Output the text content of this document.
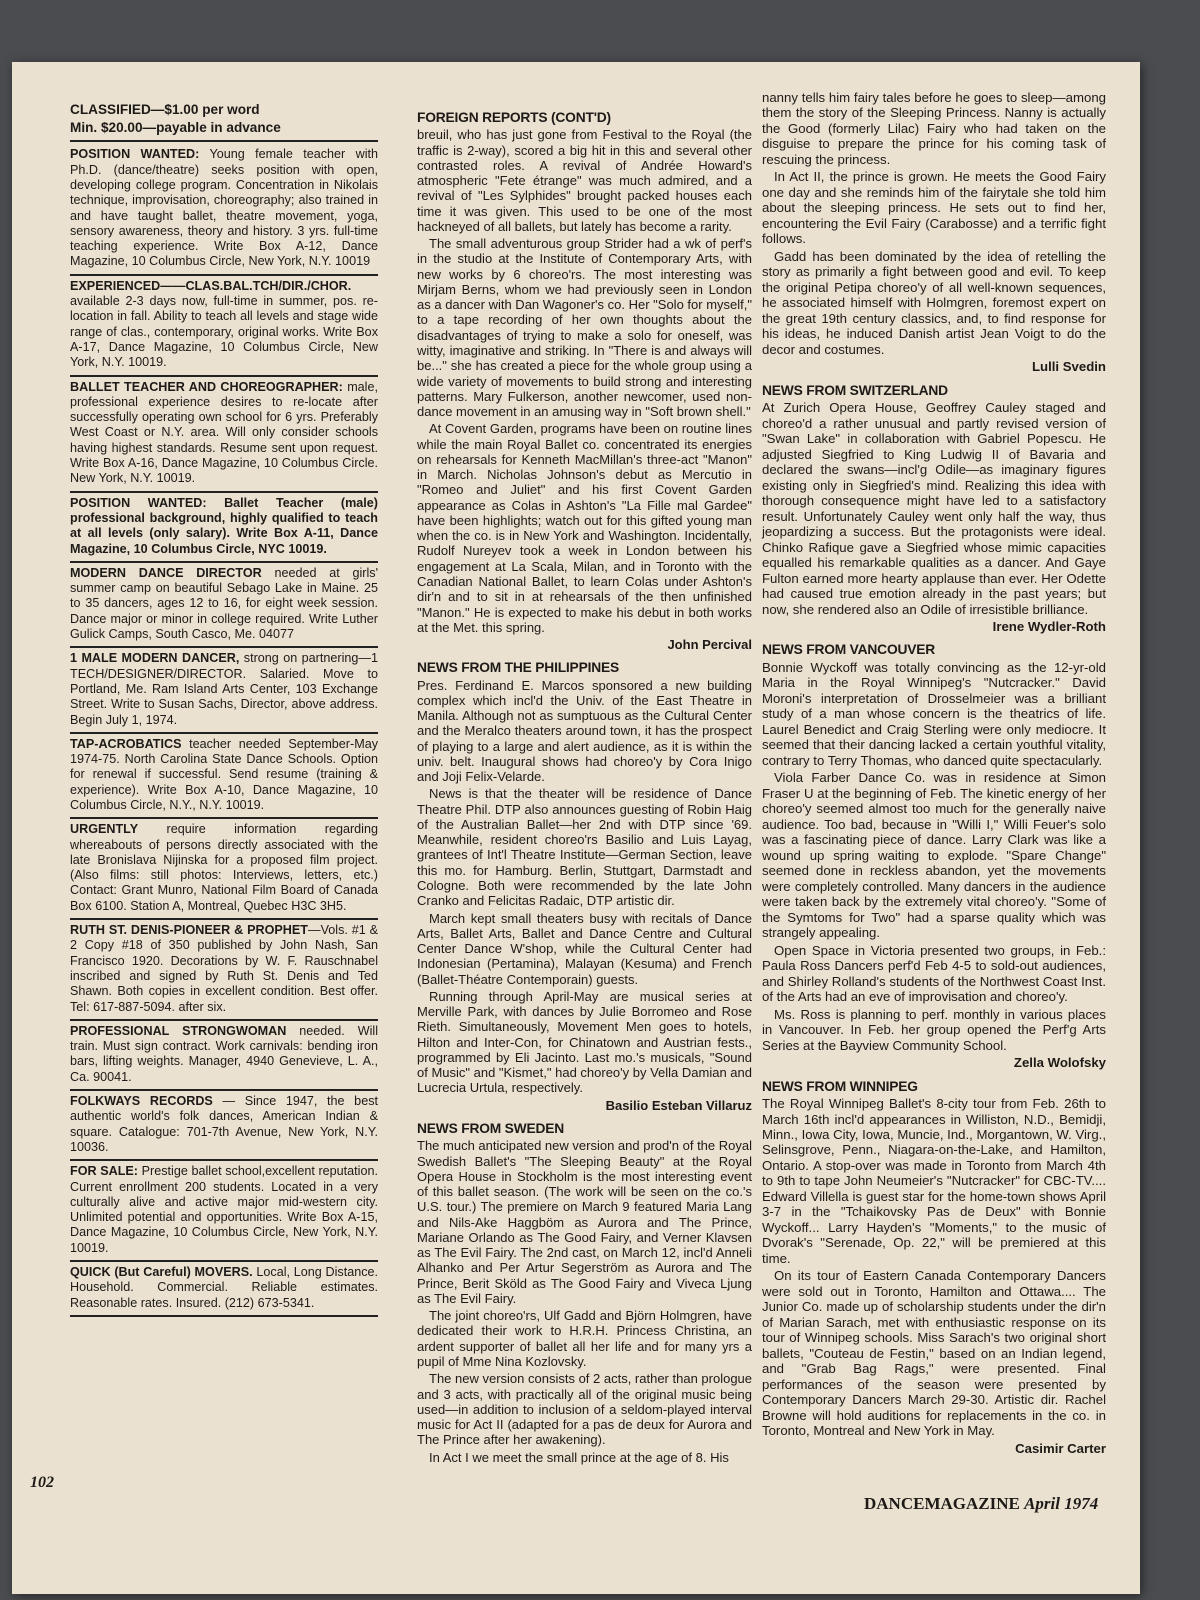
CLASSIFIED—$1.00 per word
Min. $20.00—payable in advance
POSITION WANTED: Young female teacher with Ph.D. (dance/theatre) seeks position with open, developing college program. Concentration in Nikolais technique, improvisation, choreography; also trained in and have taught ballet, theatre movement, yoga, sensory awareness, theory and history. 3 yrs. full-time teaching experience. Write Box A-12, Dance Magazine, 10 Columbus Circle, New York, N.Y. 10019
EXPERIENCED——CLAS.BAL.TCH/DIR./CHOR. available 2-3 days now, full-time in summer, pos. re-location in fall. Ability to teach all levels and stage wide range of clas., contemporary, original works. Write Box A-17, Dance Magazine, 10 Columbus Circle, New York, N.Y. 10019.
BALLET TEACHER AND CHOREOGRAPHER: male, professional experience desires to re-locate after successfully operating own school for 6 yrs. Preferably West Coast or N.Y. area. Will only consider schools having highest standards. Resume sent upon request. Write Box A-16, Dance Magazine, 10 Columbus Circle. New York, N.Y. 10019.
POSITION WANTED: Ballet Teacher (male) professional background, highly qualified to teach at all levels (only salary). Write Box A-11, Dance Magazine, 10 Columbus Circle, NYC 10019.
MODERN DANCE DIRECTOR needed at girls' summer camp on beautiful Sebago Lake in Maine. 25 to 35 dancers, ages 12 to 16, for eight week session. Dance major or minor in college required. Write Luther Gulick Camps, South Casco, Me. 04077
1 MALE MODERN DANCER, strong on partnering—1 TECH/DESIGNER/DIRECTOR. Salaried. Move to Portland, Me. Ram Island Arts Center, 103 Exchange Street. Write to Susan Sachs, Director, above address. Begin July 1, 1974.
TAP-ACROBATICS teacher needed September-May 1974-75. North Carolina State Dance Schools. Option for renewal if successful. Send resume (training & experience). Write Box A-10, Dance Magazine, 10 Columbus Circle, N.Y., N.Y. 10019.
URGENTLY require information regarding whereabouts of persons directly associated with the late Bronislava Nijinska for a proposed film project. (Also films: still photos: Interviews, letters, etc.) Contact: Grant Munro, National Film Board of Canada Box 6100. Station A, Montreal, Quebec H3C 3H5.
RUTH ST. DENIS-PIONEER & PROPHET—Vols. #1 & 2 Copy #18 of 350 published by John Nash, San Francisco 1920. Decorations by W. F. Rauschnabel inscribed and signed by Ruth St. Denis and Ted Shawn. Both copies in excellent condition. Best offer. Tel: 617-887-5094. after six.
PROFESSIONAL STRONGWOMAN needed. Will train. Must sign contract. Work carnivals: bending iron bars, lifting weights. Manager, 4940 Genevieve, L. A., Ca. 90041.
FOLKWAYS RECORDS — Since 1947, the best authentic world's folk dances, American Indian & square. Catalogue: 701-7th Avenue, New York, N.Y. 10036.
FOR SALE: Prestige ballet school,excellent reputation. Current enrollment 200 students. Located in a very culturally alive and active major mid-western city. Unlimited potential and opportunities. Write Box A-15, Dance Magazine, 10 Columbus Circle, New York, N.Y. 10019.
QUICK (But Careful) MOVERS. Local, Long Distance. Household. Commercial. Reliable estimates. Reasonable rates. Insured. (212) 673-5341.
FOREIGN REPORTS (CONT'D)

breuil, who has just gone from Festival to the Royal (the traffic is 2-way), scored a big hit in this and several other contrasted roles. A revival of Andrée Howard's atmospheric "Fete étrange" was much admired, and a revival of "Les Sylphides" brought packed houses each time it was given. This used to be one of the most hackneyed of all ballets, but lately has become a rarity.

The small adventurous group Strider had a wk of perf's in the studio at the Institute of Contemporary Arts, with new works by 6 choreo'rs. The most interesting was Mirjam Berns, whom we had previously seen in London as a dancer with Dan Wagoner's co. Her "Solo for myself," to a tape recording of her own thoughts about the disadvantages of trying to make a solo for oneself, was witty, imaginative and striking. In "There is and always will be..." she has created a piece for the whole group using a wide variety of movements to build strong and interesting patterns. Mary Fulkerson, another newcomer, used non-dance movement in an amusing way in "Soft brown shell."

At Covent Garden, programs have been on routine lines while the main Royal Ballet co. concentrated its energies on rehearsals for Kenneth MacMillan's three-act "Manon" in March. Nicholas Johnson's debut as Mercutio in "Romeo and Juliet" and his first Covent Garden appearance as Colas in Ashton's "La Fille mal Gardee" have been highlights; watch out for this gifted young man when the co. is in New York and Washington. Incidentally, Rudolf Nureyev took a week in London between his engagement at La Scala, Milan, and in Toronto with the Canadian National Ballet, to learn Colas under Ashton's dir'n and to sit in at rehearsals of the then unfinished "Manon." He is expected to make his debut in both works at the Met. this spring.

John Percival
NEWS FROM THE PHILIPPINES

Pres. Ferdinand E. Marcos sponsored a new building complex which incl'd the Univ. of the East Theatre in Manila. Although not as sumptuous as the Cultural Center and the Meralco theaters around town, it has the prospect of playing to a large and alert audience, as it is within the univ. belt. Inaugural shows had choreo'y by Cora Inigo and Joji Felix-Velarde.

News is that the theater will be residence of Dance Theatre Phil. DTP also announces guesting of Robin Haig of the Australian Ballet—her 2nd with DTP since '69. Meanwhile, resident choreo'rs Basilio and Luis Layag, grantees of Int'l Theatre Institute—German Section, leave this mo. for Hamburg. Berlin, Stuttgart, Darmstadt and Cologne. Both were recommended by the late John Cranko and Felicitas Radaic, DTP artistic dir.

March kept small theaters busy with recitals of Dance Arts, Ballet Arts, Ballet and Dance Centre and Cultural Center Dance W'shop, while the Cultural Center had Indonesian (Pertamina), Malayan (Kesuma) and French (Ballet-Théatre Contemporain) guests.

Running through April-May are musical series at Merville Park, with dances by Julie Borromeo and Rose Rieth. Simultaneously, Movement Men goes to hotels, Hilton and Inter-Con, for Chinatown and Austrian fests., programmed by Eli Jacinto. Last mo.'s musicals, "Sound of Music" and "Kismet," had choreo'y by Vella Damian and Lucrecia Urtula, respectively.

Basilio Esteban Villaruz
NEWS FROM SWEDEN

The much anticipated new version and prod'n of the Royal Swedish Ballet's "The Sleeping Beauty" at the Royal Opera House in Stockholm is the most interesting event of this ballet season. (The work will be seen on the co.'s U.S. tour.) The premiere on March 9 featured Maria Lang and Nils-Ake Haggböm as Aurora and The Prince, Mariane Orlando as The Good Fairy, and Verner Klavsen as The Evil Fairy. The 2nd cast, on March 12, incl'd Anneli Alhanko and Per Artur Segerström as Aurora and The Prince, Berit Sköld as The Good Fairy and Viveca Ljung as The Evil Fairy.

The joint choreo'rs, Ulf Gadd and Björn Holmgren, have dedicated their work to H.R.H. Princess Christina, an ardent supporter of ballet all her life and for many yrs a pupil of Mme Nina Kozlovsky.

The new version consists of 2 acts, rather than prologue and 3 acts, with practically all of the original music being used—in addition to inclusion of a seldom-played interval music for Act II (adapted for a pas de deux for Aurora and The Prince after her awakening).

In Act I we meet the small prince at the age of 8. His

nanny tells him fairy tales before he goes to sleep—among them the story of the Sleeping Princess. Nanny is actually the Good (formerly Lilac) Fairy who had taken on the disguise to prepare the prince for his coming task of rescuing the princess.

In Act II, the prince is grown. He meets the Good Fairy one day and she reminds him of the fairytale she told him about the sleeping princess. He sets out to find her, encountering the Evil Fairy (Carabosse) and a terrific fight follows.

Gadd has been dominated by the idea of retelling the story as primarily a fight between good and evil. To keep the original Petipa choreo'y of all well-known sequences, he associated himself with Holmgren, foremost expert on the great 19th century classics, and, to find response for his ideas, he induced Danish artist Jean Voigt to do the decor and costumes.

Lulli Svedin
NEWS FROM SWITZERLAND

At Zurich Opera House, Geoffrey Cauley staged and choreo'd a rather unusual and partly revised version of "Swan Lake" in collaboration with Gabriel Popescu. He adjusted Siegfried to King Ludwig II of Bavaria and declared the swans—incl'g Odile—as imaginary figures existing only in Siegfried's mind. Realizing this idea with thorough consequence might have led to a satisfactory result. Unfortunately Cauley went only half the way, thus jeopardizing a success. But the protagonists were ideal. Chinko Rafique gave a Siegfried whose mimic capacities equalled his remarkable qualities as a dancer. And Gaye Fulton earned more hearty applause than ever. Her Odette had caused true emotion already in the past years; but now, she rendered also an Odile of irresistible brilliance.

Irene Wydler-Roth
NEWS FROM VANCOUVER

Bonnie Wyckoff was totally convincing as the 12-yr-old Maria in the Royal Winnipeg's "Nutcracker." David Moroni's interpretation of Drosselmeier was a brilliant study of a man whose concern is the theatrics of life. Laurel Benedict and Craig Sterling were only mediocre. It seemed that their dancing lacked a certain youthful vitality, contrary to Terry Thomas, who danced quite spectacularly.

Viola Farber Dance Co. was in residence at Simon Fraser U at the beginning of Feb. The kinetic energy of her choreo'y seemed almost too much for the generally naive audience. Too bad, because in "Willi I," Willi Feuer's solo was a fascinating piece of dance. Larry Clark was like a wound up spring waiting to explode. "Spare Change" seemed done in reckless abandon, yet the movements were completely controlled. Many dancers in the audience were taken back by the extremely vital choreo'y. "Some of the Symtoms for Two" had a sparse quality which was strangely appealing.

Open Space in Victoria presented two groups, in Feb.: Paula Ross Dancers perf'd Feb 4-5 to sold-out audiences, and Shirley Rolland's students of the Northwest Coast Inst. of the Arts had an eve of improvisation and choreo'y.

Ms. Ross is planning to perf. monthly in various places in Vancouver. In Feb. her group opened the Perf'g Arts Series at the Bayview Community School.

Zella Wolofsky
NEWS FROM WINNIPEG

The Royal Winnipeg Ballet's 8-city tour from Feb. 26th to March 16th incl'd appearances in Williston, N.D., Bemidji, Minn., Iowa City, Iowa, Muncie, Ind., Morgantown, W. Virg., Selinsgrove, Penn., Niagara-on-the-Lake, and Hamilton, Ontario. A stop-over was made in Toronto from March 4th to 9th to tape John Neumeier's "Nutcracker" for CBC-TV.... Edward Villella is guest star for the home-town shows April 3-7 in the "Tchaikovsky Pas de Deux" with Bonnie Wyckoff... Larry Hayden's "Moments," to the music of Dvorak's "Serenade, Op. 22," will be premiered at this time.

On its tour of Eastern Canada Contemporary Dancers were sold out in Toronto, Hamilton and Ottawa.... The Junior Co. made up of scholarship students under the dir'n of Marian Sarach, met with enthusiastic response on its tour of Winnipeg schools. Miss Sarach's two original short ballets, "Couteau de Festin," based on an Indian legend, and "Grab Bag Rags," were presented. Final performances of the season were presented by Contemporary Dancers March 29-30. Artistic dir. Rachel Browne will hold auditions for replacements in the co. in Toronto, Montreal and New York in May.

Casimir Carter
102
DANCEMAGAZINE April 1974
